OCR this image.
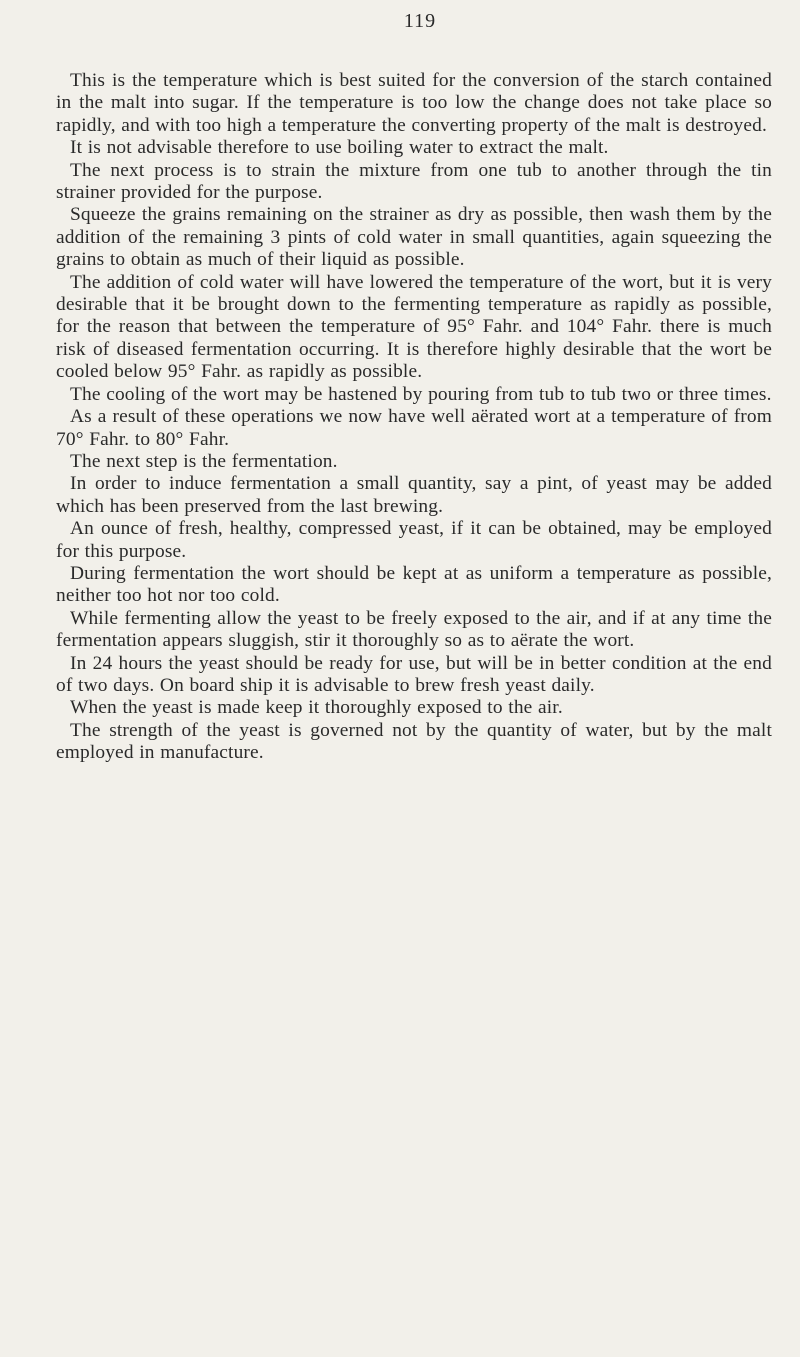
119

This is the temperature which is best suited for the conversion of the starch contained in the malt into sugar. If the temperature is too low the change does not take place so rapidly, and with too high a temperature the converting property of the malt is destroyed.

It is not advisable therefore to use boiling water to extract the malt.

The next process is to strain the mixture from one tub to another through the tin strainer provided for the purpose.

Squeeze the grains remaining on the strainer as dry as possible, then wash them by the addition of the remaining 3 pints of cold water in small quantities, again squeezing the grains to obtain as much of their liquid as possible.

The addition of cold water will have lowered the temperature of the wort, but it is very desirable that it be brought down to the fermenting temperature as rapidly as possible, for the reason that between the temperature of 95° Fahr. and 104° Fahr. there is much risk of diseased fermentation occurring. It is therefore highly desirable that the wort be cooled below 95° Fahr. as rapidly as possible.

The cooling of the wort may be hastened by pouring from tub to tub two or three times.

As a result of these operations we now have well aërated wort at a temperature of from 70° Fahr. to 80° Fahr.

The next step is the fermentation.

In order to induce fermentation a small quantity, say a pint, of yeast may be added which has been preserved from the last brewing.

An ounce of fresh, healthy, compressed yeast, if it can be obtained, may be employed for this purpose.

During fermentation the wort should be kept at as uniform a temperature as possible, neither too hot nor too cold.

While fermenting allow the yeast to be freely exposed to the air, and if at any time the fermentation appears sluggish, stir it thoroughly so as to aërate the wort.

In 24 hours the yeast should be ready for use, but will be in better condition at the end of two days. On board ship it is advisable to brew fresh yeast daily.

When the yeast is made keep it thoroughly exposed to the air.

The strength of the yeast is governed not by the quantity of water, but by the malt employed in manufacture.
